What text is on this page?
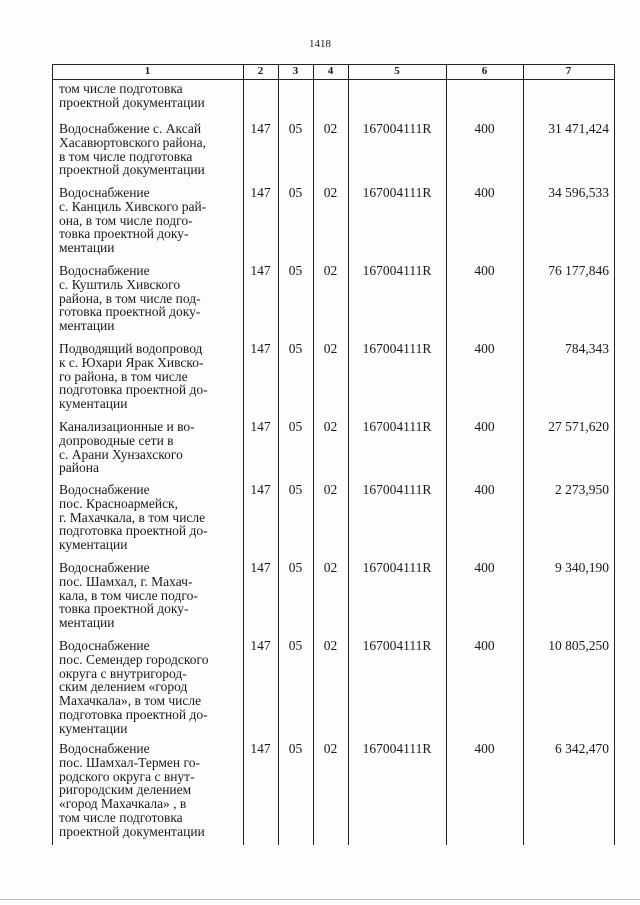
1418
1	2	3	4	5	6	7
том числе подготовка
проектной документации
Водоснабжение с. Аксай
Хасавюртовского района,
в том числе подготовка
проектной документации
147	05	02	167004111R	400	31 471,424
Водоснабжение
с. Канциль Хивского рай-
она, в том числе подго-
товка проектной доку-
ментации
147	05	02	167004111R	400	34 596,533
Водоснабжение
с. Куштиль Хивского
района, в том числе под-
готовка проектной доку-
ментации
147	05	02	167004111R	400	76 177,846
Подводящий водопровод
к с. Юхари Ярак Хивско-
го района, в том числе
подготовка проектной до-
кументации
147	05	02	167004111R	400	784,343
Канализационные и во-
допроводные сети в
с. Арани Хунзахского
района
147	05	02	167004111R	400	27 571,620
Водоснабжение
пос. Красноармейск,
г. Махачкала, в том числе
подготовка проектной до-
кументации
147	05	02	167004111R	400	2 273,950
Водоснабжение
пос. Шамхал, г. Махач-
кала, в том числе подго-
товка проектной доку-
ментации
147	05	02	167004111R	400	9 340,190
Водоснабжение
пос. Семендер городского
округа с внутригород-
ским делением «город
Махачкала», в том числе
подготовка проектной до-
кументации
147	05	02	167004111R	400	10 805,250
Водоснабжение
пос. Шамхал-Термен го-
родского округа с внут-
ригородским делением
«город Махачкала» , в
том числе подготовка
проектной документации
147	05	02	167004111R	400	6 342,470
